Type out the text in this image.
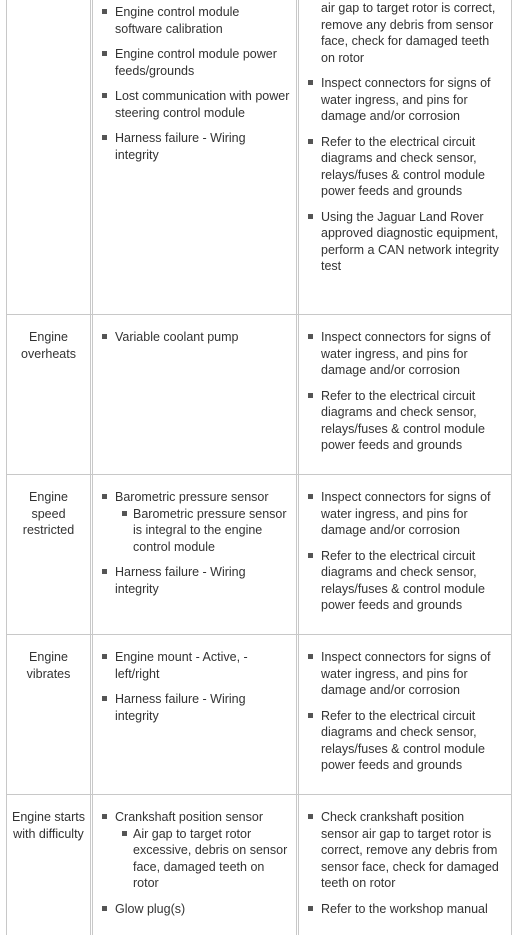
Engine control module software calibration
Engine control module power feeds/grounds
Lost communication with power steering control module
Harness failure - Wiring integrity
air gap to target rotor is correct, remove any debris from sensor face, check for damaged teeth on rotor
Inspect connectors for signs of water ingress, and pins for damage and/or corrosion
Refer to the electrical circuit diagrams and check sensor, relays/fuses & control module power feeds and grounds
Using the Jaguar Land Rover approved diagnostic equipment, perform a CAN network integrity test
Engine overheats
Variable coolant pump	Inspect connectors for signs of water ingress, and pins for damage and/or corrosion
Refer to the electrical circuit diagrams and check sensor, relays/fuses & control module power feeds and grounds
Engine speed restricted
Barometric pressure sensor
Barometric pressure sensor is integral to the engine control module
Harness failure - Wiring integrity
Inspect connectors for signs of water ingress, and pins for damage and/or corrosion
Refer to the electrical circuit diagrams and check sensor, relays/fuses & control module power feeds and grounds
Engine vibrates
Engine mount - Active, - left/right
Harness failure - Wiring integrity
Inspect connectors for signs of water ingress, and pins for damage and/or corrosion
Refer to the electrical circuit diagrams and check sensor, relays/fuses & control module power feeds and grounds
Engine starts with difficulty
Crankshaft position sensor
Air gap to target rotor excessive, debris on sensor face, damaged teeth on rotor
Glow plug(s)
Check crankshaft position sensor air gap to target rotor is correct, remove any debris from sensor face, check for damaged teeth on rotor
Refer to the workshop manual
